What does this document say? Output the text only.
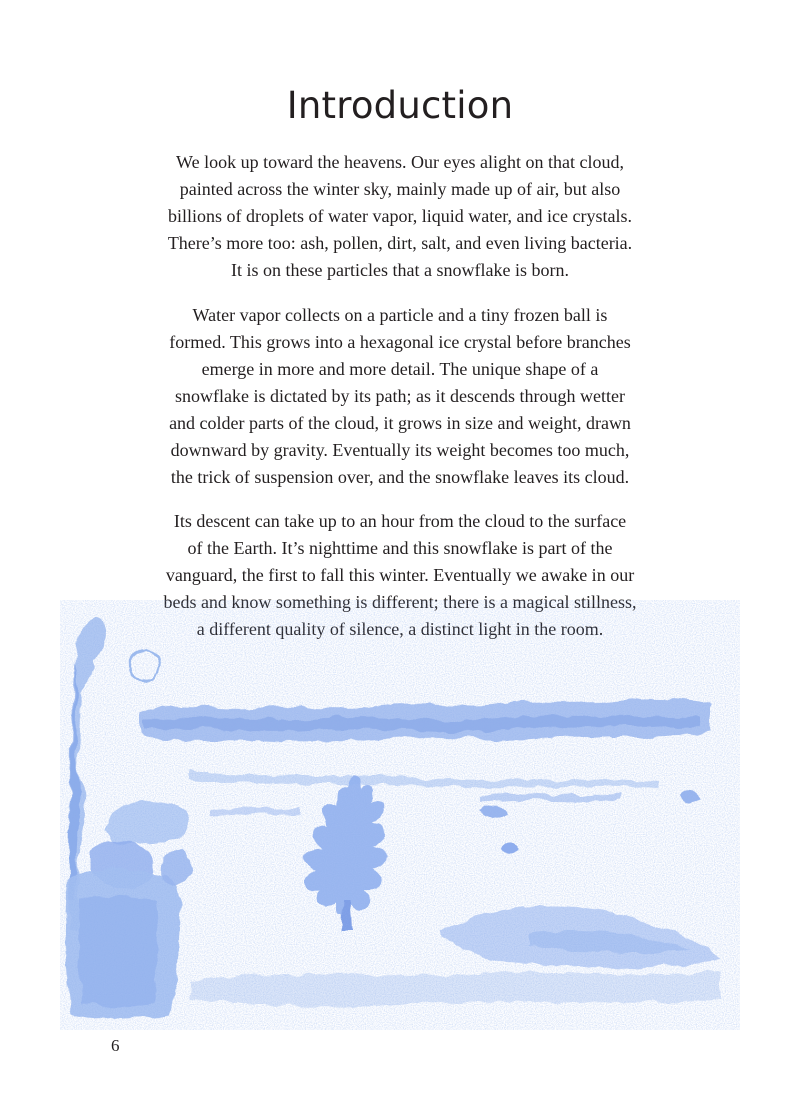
Introduction

We look up toward the heavens. Our eyes alight on that cloud,
painted across the winter sky, mainly made up of air, but also
billions of droplets of water vapor, liquid water, and ice crystals.
There’s more too: ash, pollen, dirt, salt, and even living bacteria.
It is on these particles that a snowflake is born.

Water vapor collects on a particle and a tiny frozen ball is
formed. This grows into a hexagonal ice crystal before branches
emerge in more and more detail. The unique shape of a
snowflake is dictated by its path; as it descends through wetter
and colder parts of the cloud, it grows in size and weight, drawn
downward by gravity. Eventually its weight becomes too much,
the trick of suspension over, and the snowflake leaves its cloud.

Its descent can take up to an hour from the cloud to the surface
of the Earth. It’s nighttime and this snowflake is part of the
vanguard, the first to fall this winter. Eventually we awake in our

6
